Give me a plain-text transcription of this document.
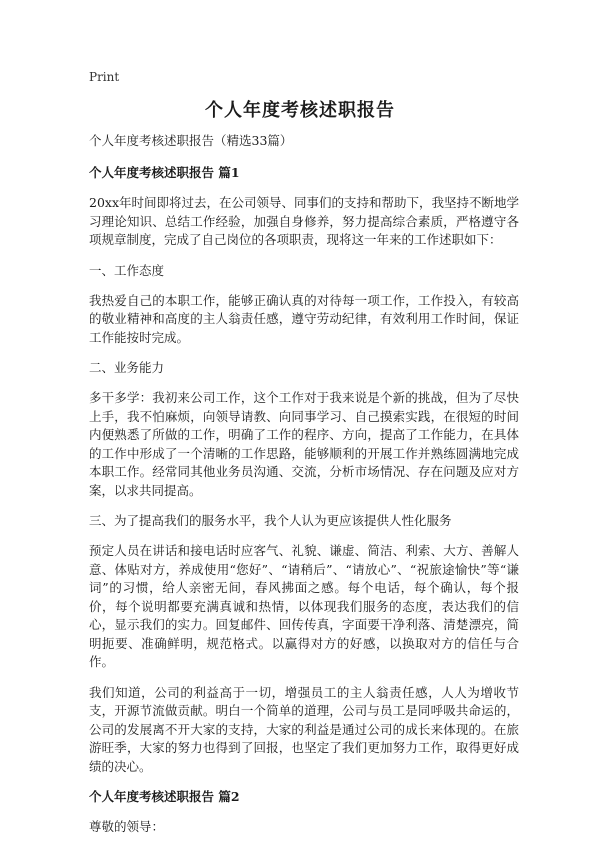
Print
个人年度考核述职报告

个人年度考核述职报告（精选33篇）

个人年度考核述职报告 篇1

20xx年时间即将过去，在公司领导、同事们的支持和帮助下，我坚持不断地学习理论知识、总结工作经验，加强自身修养，努力提高综合素质，严格遵守各项规章制度，完成了自己岗位的各项职责，现将这一年来的工作述职如下：

一、工作态度

我热爱自己的本职工作，能够正确认真的对待每一项工作，工作投入，有较高的敬业精神和高度的主人翁责任感，遵守劳动纪律，有效利用工作时间，保证工作能按时完成。

二、业务能力

多干多学：我初来公司工作，这个工作对于我来说是个新的挑战，但为了尽快上手，我不怕麻烦，向领导请教、向同事学习、自己摸索实践，在很短的时间内便熟悉了所做的工作，明确了工作的程序、方向，提高了工作能力，在具体的工作中形成了一个清晰的工作思路，能够顺利的开展工作并熟练圆满地完成本职工作。经常同其他业务员沟通、交流，分析市场情况、存在问题及应对方案，以求共同提高。

三、为了提高我们的服务水平，我个人认为更应该提供人性化服务

预定人员在讲话和接电话时应客气、礼貌、谦虚、简洁、利索、大方、善解人意、体贴对方，养成使用“您好”、“请稍后”、“请放心”、“祝旅途愉快”等“谦词”的习惯，给人亲密无间，春风拂面之感。每个电话，每个确认，每个报价，每个说明都要充满真诚和热情，以体现我们服务的态度，表达我们的信心，显示我们的实力。回复邮件、回传传真，字面要干净利落、清楚漂亮，简明扼要、准确鲜明，规范格式。以赢得对方的好感，以换取对方的信任与合作。

我们知道，公司的利益高于一切，增强员工的主人翁责任感，人人为增收节支，开源节流做贡献。明白一个简单的道理，公司与员工是同呼吸共命运的，公司的发展离不开大家的支持，大家的利益是通过公司的成长来体现的。在旅游旺季，大家的努力也得到了回报，也坚定了我们更加努力工作，取得更好成绩的决心。

个人年度考核述职报告 篇2

尊敬的领导：
